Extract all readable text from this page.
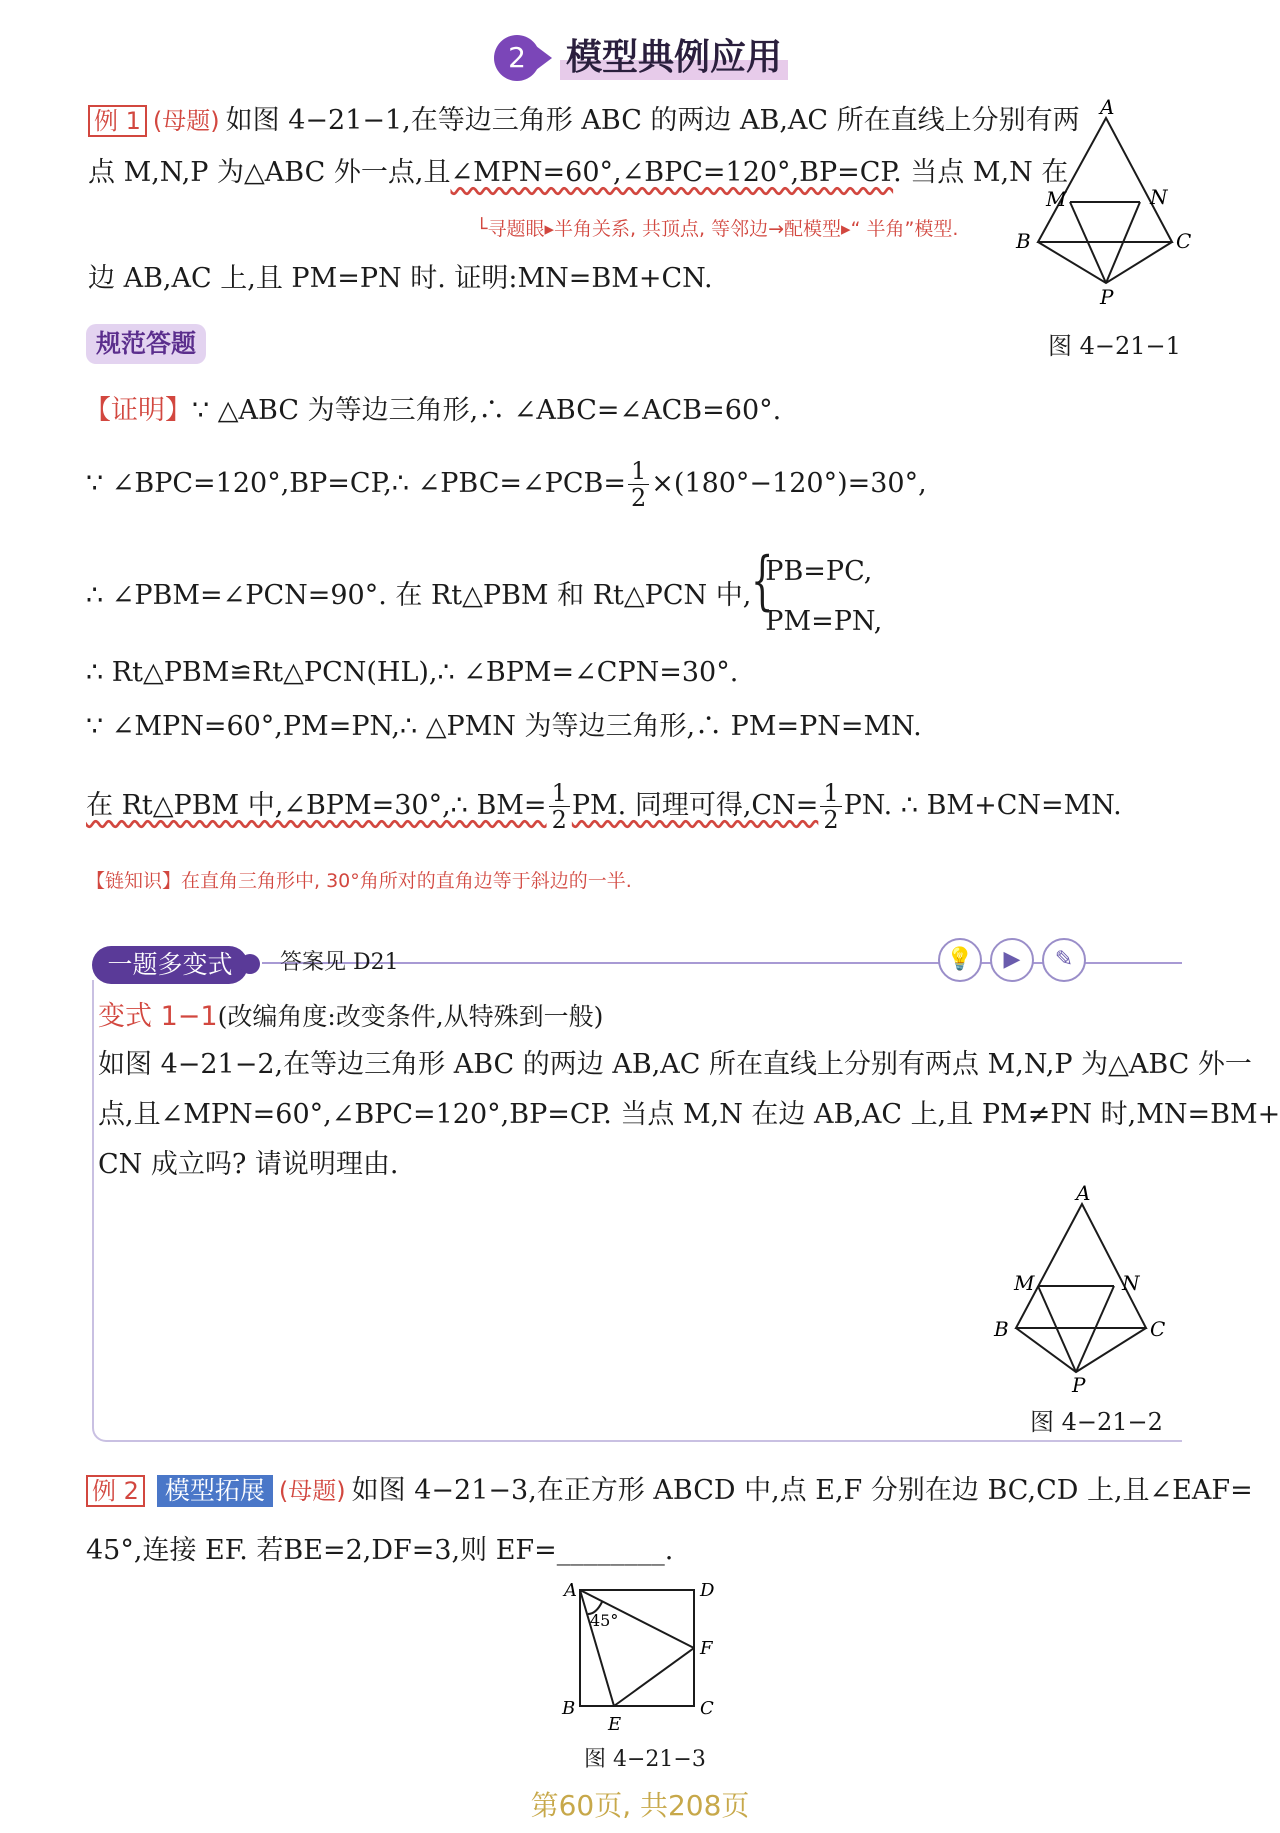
2	模型典例应用
例 1 (母题) 如图 4−21−1,在等边三角形 ABC 的两边 AB,AC 所在直线上分别有两
点 M,N,P 为△ABC 外一点,且∠MPN=60°,∠BPC=120°,BP=CP. 当点 M,N 在
└寻题眼▸半角关系, 共顶点, 等邻边→配模型▸“ 半角”模型.
边 AB,AC 上,且 PM=PN 时. 证明:MN=BM+CN.
A
M	N
B	C
P
图 4−21−1
规范答题
【证明】∵ △ABC 为等边三角形,∴ ∠ABC=∠ACB=60°.
∵ ∠BPC=120°,BP=CP,∴ ∠PBC=∠PCB= $\frac{1}{2} \times(180^\circ-120^\circ)=30^\circ$,
∴ ∠PBM=∠PCN=90°. 在 Rt△PBM 和 Rt△PCN 中, {
PB=PC,
PM=PN,
∴ Rt△PBM≌Rt△PCN(HL),∴ ∠BPM=∠CPN=30°.
∵ ∠MPN=60°,PM=PN,∴ △PMN 为等边三角形,∴ PM=PN=MN.
在 Rt△PBM 中,∠BPM=30°,∴ $BM= \frac{1}{2}$ PM. 同理可得$,CN= \frac{1}{2}$ PN. ∴ BM+CN=MN.
【链知识】在直角三角形中, 30°角所对的直角边等于斜边的一半.
一题多变式	答案见 D21	💡	▶	✎
变式 1−1(改编角度:改变条件,从特殊到一般)
如图 4−21−2,在等边三角形 ABC 的两边 AB,AC 所在直线上分别有两点 M,N,P 为△ABC 外一
点,且∠MPN=60°,∠BPC=120°,BP=CP. 当点 M,N 在边 AB,AC 上,且 PM≠PN 时,MN=BM+
CN 成立吗? 请说明理由.
A
M	N
B	C
P
图 4−21−2
例 2 模型拓展 (母题) 如图 4−21−3,在正方形 ABCD 中,点 E,F 分别在边 BC,CD 上,且∠EAF=
45°,连接 EF. 若BE=2,DF=3,则 EF=________.
A	D
F
B
E
C
45°
图 4−21−3
第60页, 共208页
